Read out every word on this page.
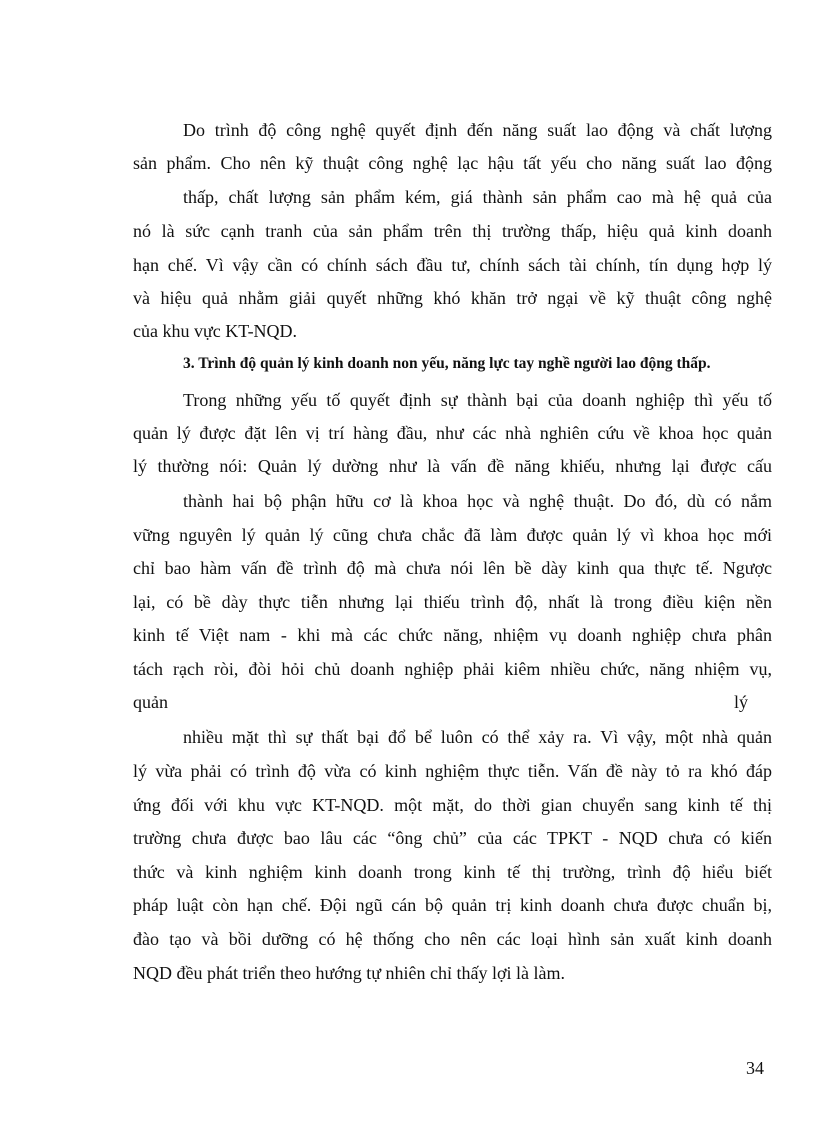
Do trình độ công nghệ quyết định đến năng suất lao động và chất lượng
sản phẩm. Cho nên kỹ thuật công nghệ lạc hậu tất yếu cho năng suất lao động
thấp, chất lượng sản phẩm kém, giá thành sản phẩm cao mà hệ quả của
nó là sức cạnh tranh của sản phẩm trên thị trường thấp, hiệu quả kinh doanh
hạn chế. Vì vậy cần có chính sách đầu tư, chính sách tài chính, tín dụng hợp lý
và hiệu quả nhằm giải quyết những khó khăn trở ngại về kỹ thuật công nghệ
của khu vực KT-NQD.
3. Trình độ quản lý kinh doanh non yếu, năng lực tay nghề người lao động thấp.
Trong những yếu tố quyết định sự thành bại của doanh nghiệp thì yếu tố
quản lý được đặt lên vị trí hàng đầu, như các nhà nghiên cứu về khoa học quản
lý thường nói: Quản lý dường như là vấn đề năng khiếu, nhưng lại được cấu
thành hai bộ phận hữu cơ là khoa học và nghệ thuật. Do đó, dù có nắm
vững nguyên lý quản lý cũng chưa chắc đã làm được quản lý vì khoa học mới
chỉ bao hàm vấn đề trình độ mà chưa nói lên bề dày kinh qua thực tế. Ngược
lại, có bề dày thực tiễn nhưng lại thiếu trình độ, nhất là trong điều kiện nền
kinh tế Việt nam - khi mà các chức năng, nhiệm vụ doanh nghiệp chưa phân
tách rạch ròi, đòi hỏi chủ doanh nghiệp phải kiêm nhiều chức, năng nhiệm vụ,
quản	lý
nhiều mặt thì sự thất bại đổ bể luôn có thể xảy ra. Vì vậy, một nhà quản
lý vừa phải có trình độ vừa có kinh nghiệm thực tiễn. Vấn đề này tỏ ra khó đáp
ứng đối với khu vực KT-NQD. một mặt, do thời gian chuyển sang kinh tế thị
trường chưa được bao lâu các “ông chủ” của các TPKT - NQD chưa có kiến
thức và kinh nghiệm kinh doanh trong kinh tế thị trường, trình độ hiểu biết
pháp luật còn hạn chế. Đội ngũ cán bộ quản trị kinh doanh chưa được chuẩn bị,
đào tạo và bồi dưỡng có hệ thống cho nên các loại hình sản xuất kinh doanh
NQD đều phát triển theo hướng tự nhiên chỉ thấy lợi là làm.
34
